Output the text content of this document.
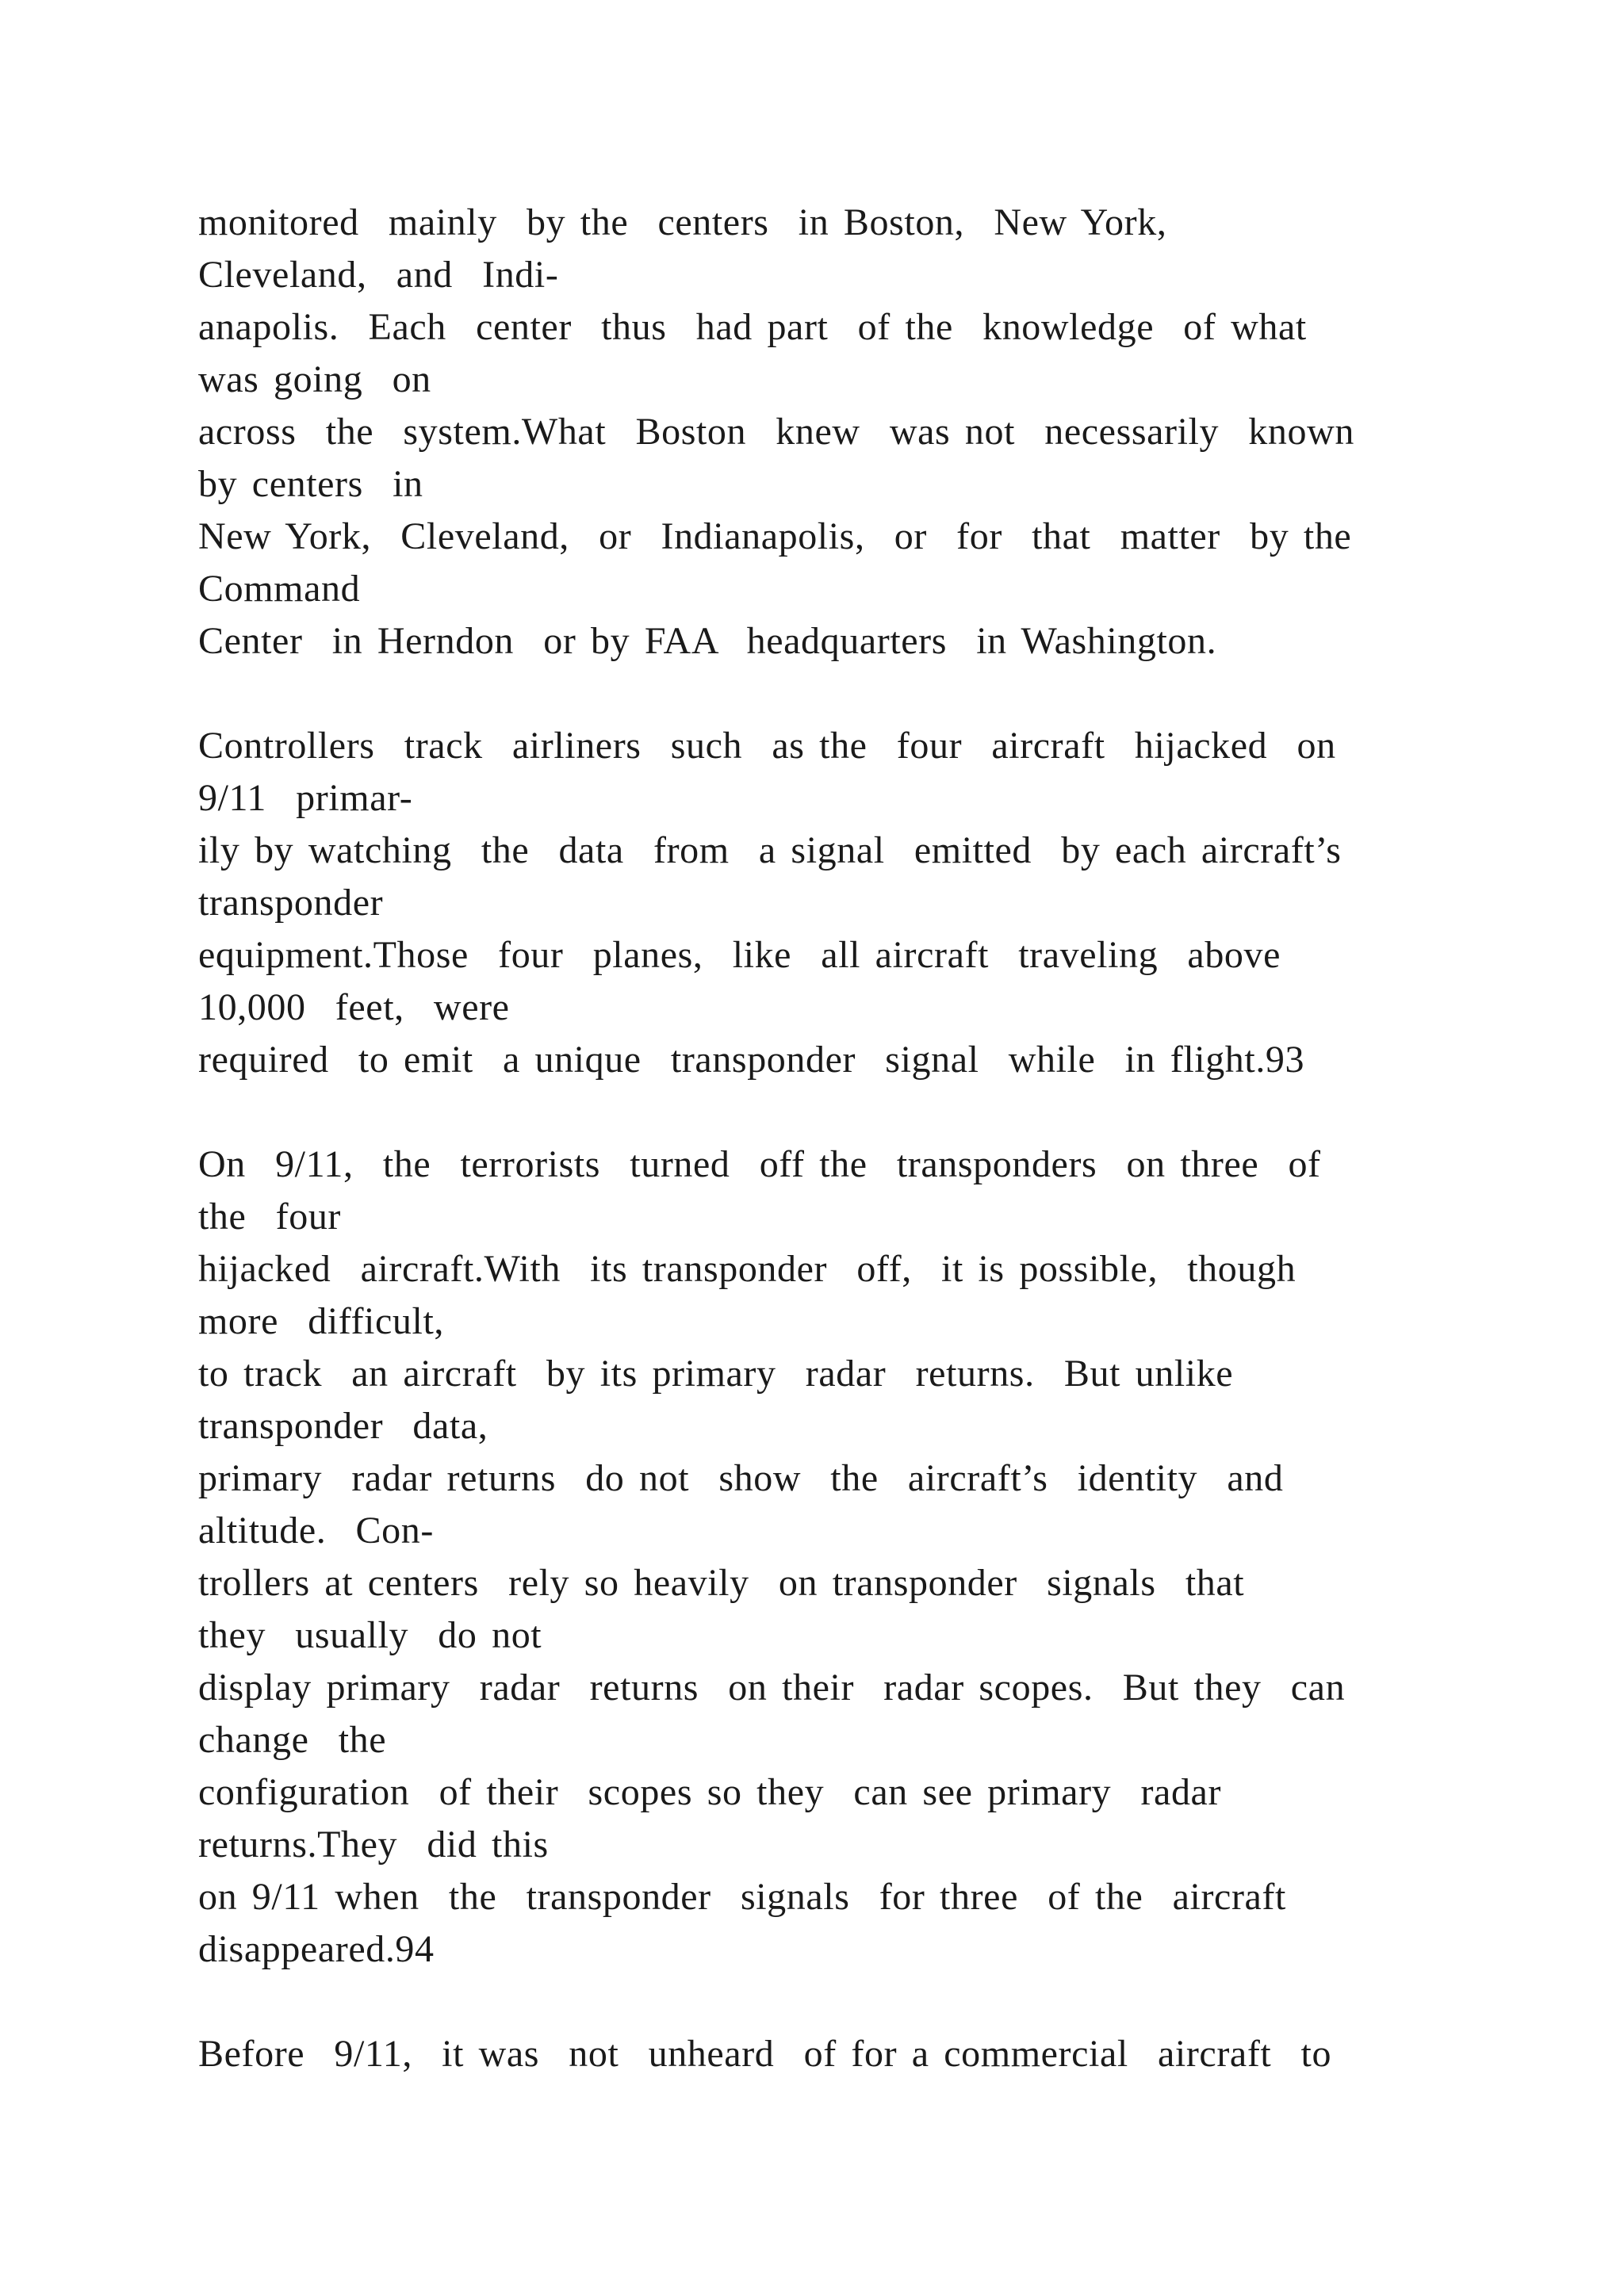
monitored  mainly  by the  centers  in Boston,  New York,
Cleveland,  and  Indi-
anapolis.  Each  center  thus  had part  of the  knowledge  of what
was going  on
across  the  system.What  Boston  knew  was not  necessarily  known
by centers  in
New York,  Cleveland,  or  Indianapolis,  or  for  that  matter  by the
Command
Center  in Herndon  or by FAA  headquarters  in Washington.
Controllers  track  airliners  such  as the  four  aircraft  hijacked  on
9/11  primar-
ily by watching  the  data  from  a signal  emitted  by each aircraft’s
transponder
equipment.Those  four  planes,  like  all aircraft  traveling  above
10,000  feet,  were
required  to emit  a unique  transponder  signal  while  in flight.93
On  9/11,  the  terrorists  turned  off the  transponders  on three  of
the  four
hijacked  aircraft.With  its transponder  off,  it is possible,  though
more  difficult,
to track  an aircraft  by its primary  radar  returns.  But unlike
transponder  data,
primary  radar returns  do not  show  the  aircraft’s  identity  and
altitude.  Con-
trollers at centers  rely so heavily  on transponder  signals  that
they  usually  do not
display primary  radar  returns  on their  radar scopes.  But they  can
change  the
configuration  of their  scopes so they  can see primary  radar
returns.They  did this
on 9/11 when  the  transponder  signals  for three  of the  aircraft
disappeared.94
Before  9/11,  it was  not  unheard  of for a commercial  aircraft  to
